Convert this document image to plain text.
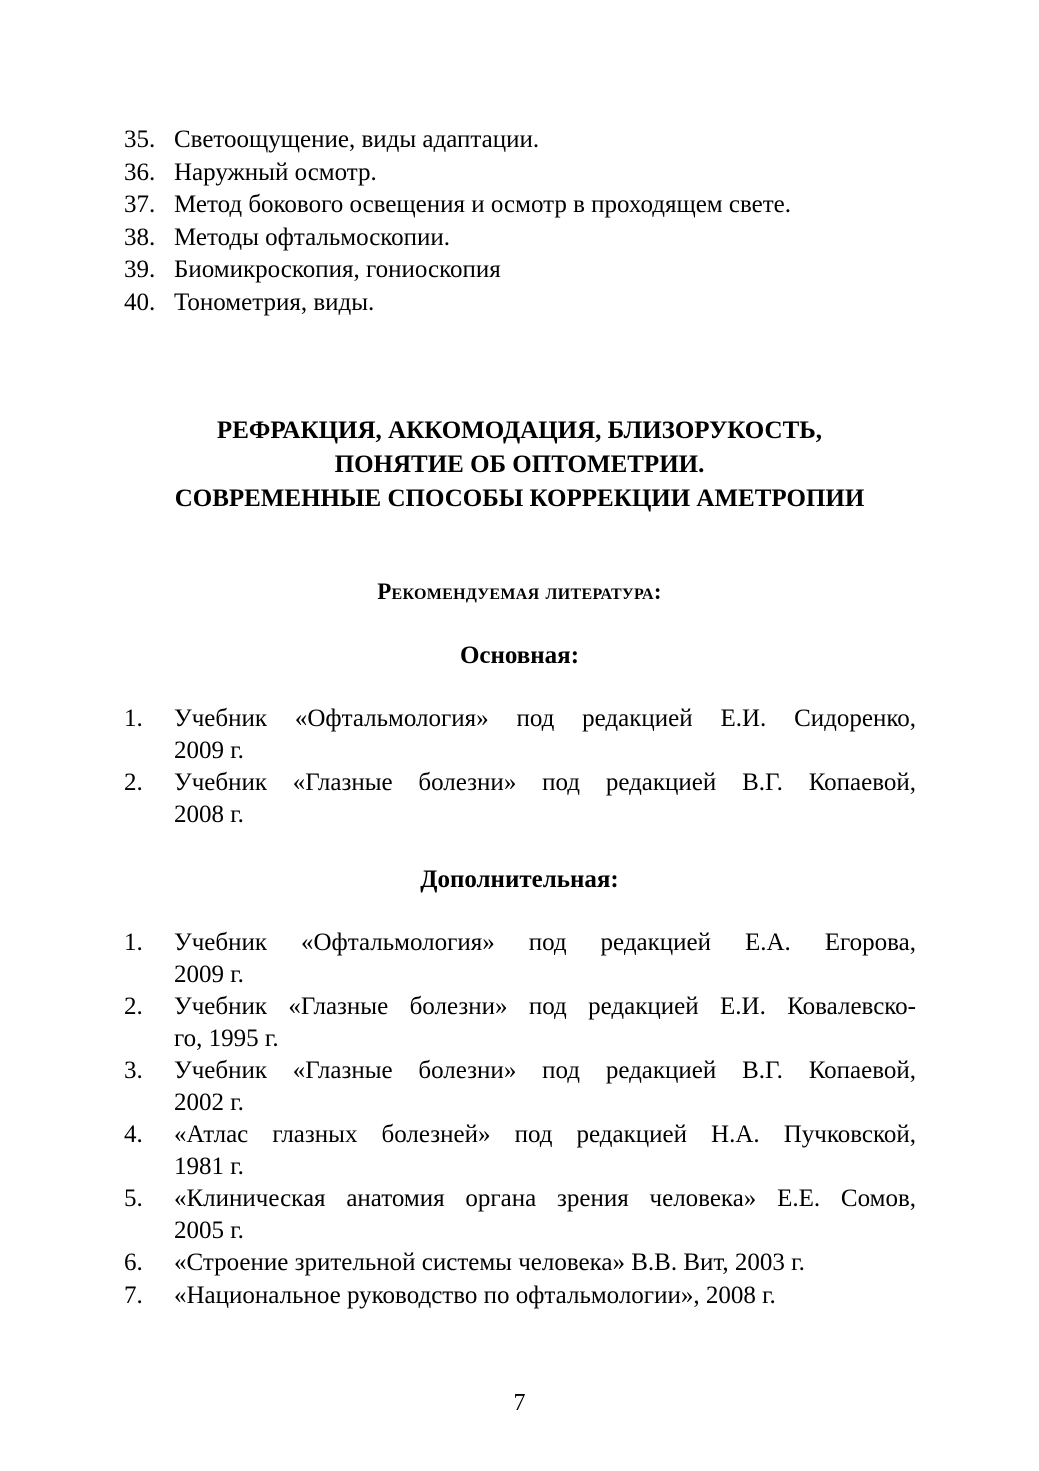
35. Светоощущение, виды адаптации.
36. Наружный осмотр.
37. Метод бокового освещения и осмотр в проходящем свете.
38. Методы офтальмоскопии.
39. Биомикроскопия, гониоскопия
40. Тонометрия, виды.
РЕФРАКЦИЯ, АККОМОДАЦИЯ, БЛИЗОРУКОСТЬ,
ПОНЯТИЕ ОБ ОПТОМЕТРИИ.
СОВРЕМЕННЫЕ СПОСОБЫ КОРРЕКЦИИ АМЕТРОПИИ
Рекомендуемая литература:
Основная:
1.	Учебник «Офтальмология» под редакцией Е.И. Сидоренко,
2009 г.
2.	Учебник «Глазные болезни» под редакцией В.Г. Копаевой,
2008 г.
Дополнительная:
1.	Учебник «Офтальмология» под редакцией Е.А. Егорова,
2009 г.
2.	Учебник «Глазные болезни» под редакцией Е.И. Ковалевско-
го, 1995 г.
3.	Учебник «Глазные болезни» под редакцией В.Г. Копаевой,
2002 г.
4.	«Атлас глазных болезней» под редакцией Н.А. Пучковской,
1981 г.
5.	«Клиническая анатомия органа зрения человека» Е.Е. Сомов,
2005 г.
6.	«Строение зрительной системы человека» В.В. Вит, 2003 г.
7.	«Национальное руководство по офтальмологии», 2008 г.
7
